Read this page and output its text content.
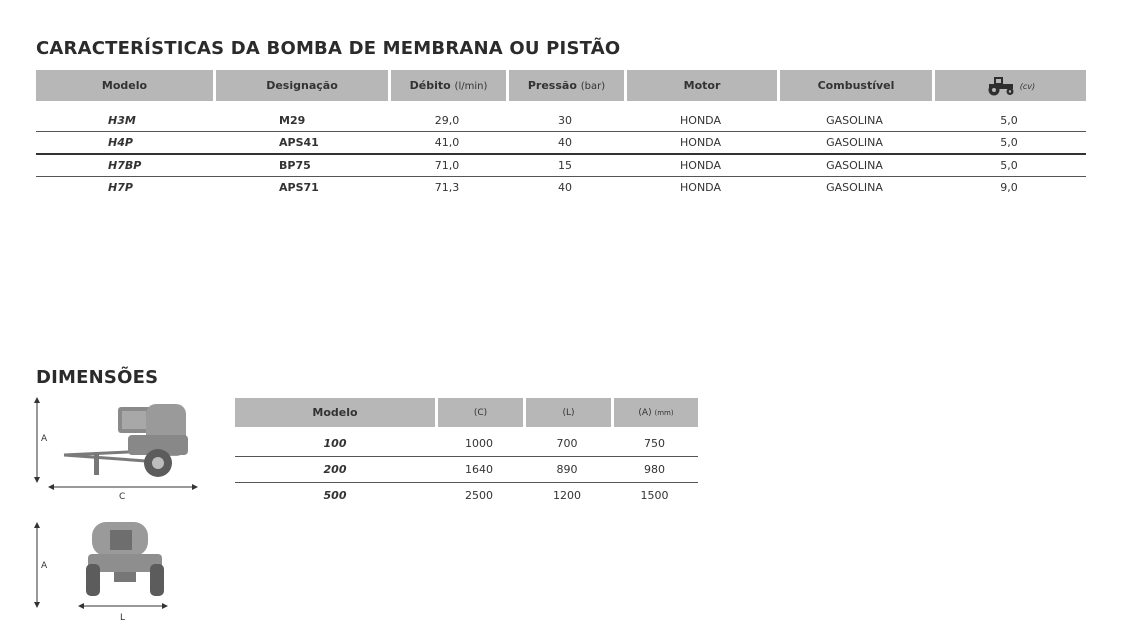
CARACTERÍSTICAS DA BOMBA DE MEMBRANA OU PISTÃO
Modelo	Designação	Débito (l/min)	Pressão (bar)	Motor	Combustível	(cv)
H3M	M29	29,0	30	HONDA	GASOLINA	5,0
H4P	APS41	41,0	40	HONDA	GASOLINA	5,0
H7BP	BP75	71,0	15	HONDA	GASOLINA	5,0
H7P	APS71	71,3	40	HONDA	GASOLINA	9,0
DIMENSÕES
A
C
A
L
Modelo	(C)	(L)	(A) (mm)
100	1000	700	750
200	1640	890	980
500	2500	1200	1500
